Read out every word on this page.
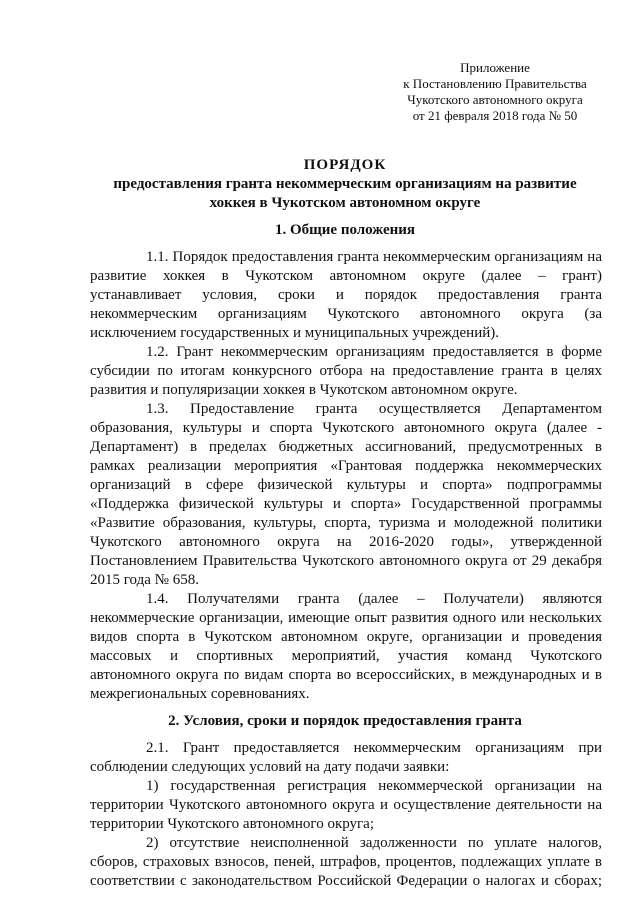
Приложение
к Постановлению Правительства
Чукотского автономного округа
от 21 февраля 2018 года № 50
ПОРЯДОК
предоставления гранта некоммерческим организациям на развитие
хоккея в Чукотском автономном округе
1. Общие положения
1.1. Порядок предоставления гранта некоммерческим организациям на
развитие хоккея в Чукотском автономном округе (далее – грант)
устанавливает условия, сроки и порядок предоставления гранта
некоммерческим организациям Чукотского автономного округа (за
исключением государственных и муниципальных учреждений).
1.2. Грант некоммерческим организациям предоставляется в форме
субсидии по итогам конкурсного отбора на предоставление гранта в целях
развития и популяризации хоккея в Чукотском автономном округе.
1.3. Предоставление гранта осуществляется Департаментом
образования, культуры и спорта Чукотского автономного округа (далее -
Департамент) в пределах бюджетных ассигнований, предусмотренных в
рамках реализации мероприятия «Грантовая поддержка некоммерческих
организаций в сфере физической культуры и спорта» подпрограммы
«Поддержка физической культуры и спорта» Государственной программы
«Развитие образования, культуры, спорта, туризма и молодежной политики
Чукотского автономного округа на 2016-2020 годы», утвержденной
Постановлением Правительства Чукотского автономного округа от 29 декабря
2015 года № 658.
1.4. Получателями гранта (далее – Получатели) являются
некоммерческие организации, имеющие опыт развития одного или нескольких
видов спорта в Чукотском автономном округе, организации и проведения
массовых и спортивных мероприятий, участия команд Чукотского
автономного округа по видам спорта во всероссийских, в международных и в
межрегиональных соревнованиях.
2. Условия, сроки и порядок предоставления гранта
2.1. Грант предоставляется некоммерческим организациям при
соблюдении следующих условий на дату подачи заявки:
1) государственная регистрация некоммерческой организации на
территории Чукотского автономного округа и осуществление деятельности на
территории Чукотского автономного округа;
2) отсутствие неисполненной задолженности по уплате налогов,
сборов, страховых взносов, пеней, штрафов, процентов, подлежащих уплате в
соответствии с законодательством Российской Федерации о налогах и сборах;
